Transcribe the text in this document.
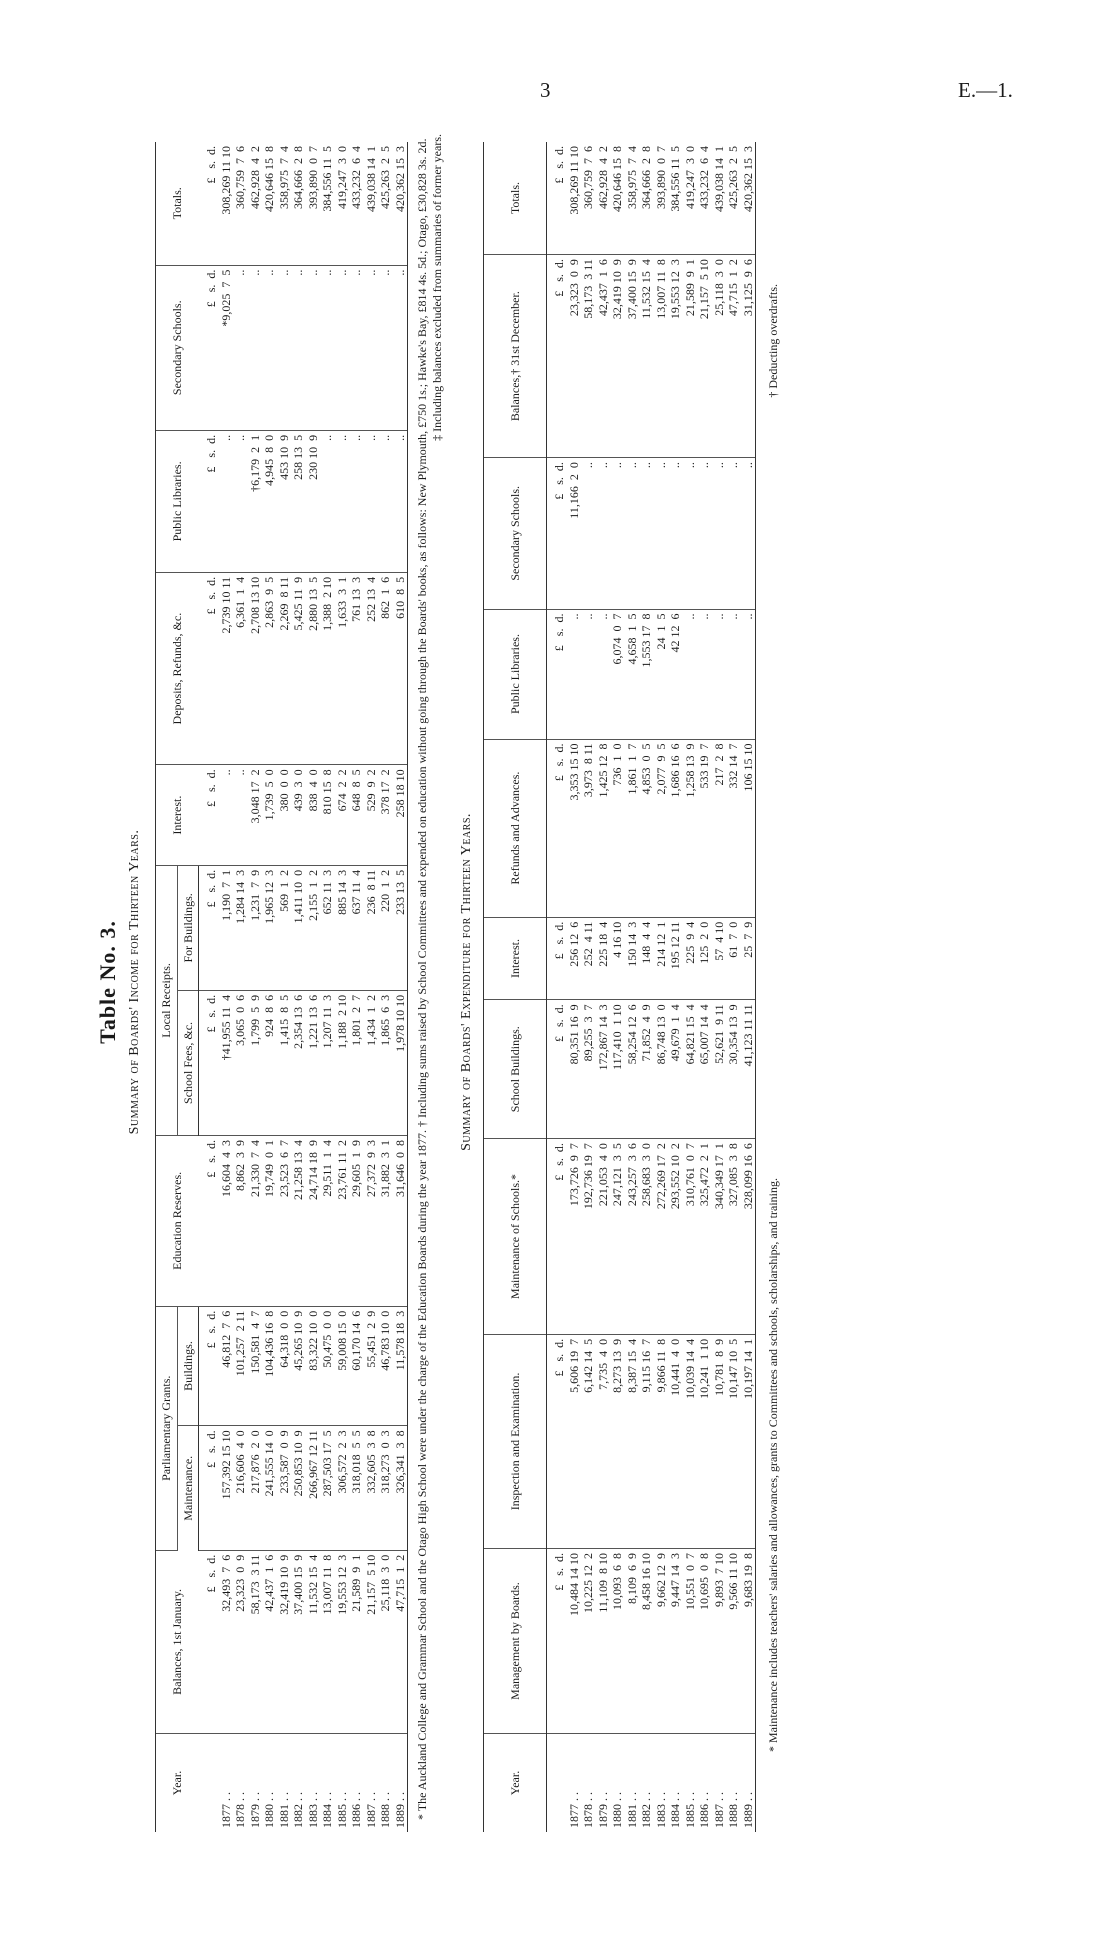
3	E.—1.
Table No. 3. Summary of Boards' Income for Thirteen Years.
Year.	Balances, 1st January.	Parliamentary Grants.		Education Reserves.	Local Receipts.		Interest.	Deposits, Refunds, &c.	Public Libraries.	Secondary Schools.	Totals.
		Maintenance.	Buildings.		School Fees, &c.	For Buildings.					
	£   s.  d.	£   s.  d.	£   s.  d.	£   s.  d.	£   s.  d.	£   s.  d.	£   s.  d.	£   s.  d.	£   s.  d.	£   s.  d.	£   s.  d.
1877 . .	32,493  7  6	157,392 15 10	46,812  7  6	16,604  4  3	†41,955 11  4	1,190  7  1	..	2,739 10 11	..	*9,025  7  5	308,269 11 10
1878 . .	23,323  0  9	216,606  4  0	101,257  2 11	8,862  3  9	3,065  0  6	1,284 14  3	..	6,361  1  4	..	..	360,759  7  6
1879 . .	58,173  3 11	217,876  2  0	150,581  4  7	21,330  7  4	1,799  5  9	1,231  7  9	3,048 17  2	2,708 13 10	†6,179  2  1	..	462,928  4  2
1880 . .	42,437  1  6	241,555 14  0	104,436 16  8	19,749  0  1	924  8  6	1,965 12  3	1,739  5  0	2,863  9  5	4,945  8  0	..	420,646 15  8
1881 . .	32,419 10  9	233,587  0  9	64,318  0  0	23,523  6  7	1,415  8  5	569  1  2	380  0  0	2,269  8 11	453 10  9	..	358,975  7  4
1882 . .	37,400 15  9	250,853 10  9	45,265 10  9	21,258 13  4	2,354 13  6	1,411 10  0	439  3  0	5,425 11  9	258 13  5	..	364,666  2  8
1883 . .	11,532 15  4	266,967 12 11	83,322 10  0	24,714 18  9	1,221 13  6	2,155  1  2	838  4  0	2,880 13  5	230 10  9	..	393,890  0  7
1884 . .	13,007 11  8	287,503 17  5	50,475  0  0	29,511  1  4	1,207 11  3	652 11  3	810 15  8	1,388  2 10	..	..	384,556 11  5
1885 . .	19,553 12  3	306,572  2  3	59,008 15  0	23,761 11  2	1,188  2 10	885 14  3	674  2  2	1,633  3  1	..	..	419,247  3  0
1886 . .	21,589  9  1	318,018  5  5	60,170 14  6	29,605  1  9	1,801  2  7	637 11  4	648  8  5	761 13  3	..	..	433,232  6  4
1887 . .	21,157  5 10	332,605  3  8	55,451  2  9	27,372  9  3	1,434  1  2	236  8 11	529  9  2	252 13  4	..	..	439,038 14  1
1888 . .	25,118  3  0	318,273  0  3	46,783 10  0	31,882  3  1	1,865  6  3	220  1  2	378 17  2	862  1  6	..	..	425,263  2  5
1889 . .	47,715  1  2	326,341  3  8	11,578 18  3	31,646  0  8	1,978 10 10	233 13  5	258 18 10	610  8  5	..	..	420,362 15  3 * The Auckland College and Grammar School and the Otago High School were under the charge of the Education Boards during the year 1877. † Including sums raised by School Committees and expended on education without going through the Boards' books, as follows: New Plymouth, £750 1s.; Hawke's Bay, £814 4s. 5d.; Otago, £30,828 3s. 2d. ‡ Including balances excluded from summaries of former years.
Summary of Boards' Expenditure for Thirteen Years.
Year.	Management by Boards.	Inspection and Examination.	Maintenance of Schools.*	School Buildings.	Interest.	Refunds and Advances.	Public Libraries.	Secondary Schools.	Balances,† 31st December.	Totals.
	£   s.  d.	£   s.  d.	£   s.  d.	£   s.  d.	£   s.  d.	£   s.  d.	£   s.  d.	£   s.  d.	£   s.  d.	£   s.  d.
1877 . .	10,484 14 10	5,606 19  7	173,726  9  7	80,351 16  9	256 12  6	3,353 15 10	..	11,166  2  0	23,323  0  9	308,269 11 10
1878 . .	10,225 12  2	6,142 14  5	192,736 19  7	89,255  3  7	252  4 11	3,973  8 11	..	..	58,173  3 11	360,759  7  6
1879 . .	11,109  8 10	7,735  4  0	221,053  4  0	172,867 14  3	225 18  4	1,425 12  8	..	..	42,437  1  6	462,928  4  2
1880 . .	10,093  6  8	8,273 13  9	247,121  3  5	117,410  1 10	4 16 10	736  1  0	6,074  0  7	..	32,419 10  9	420,646 15  8
1881 . .	8,109  6  9	8,387 15  4	243,257  3  6	58,254 12  6	150 14  3	1,861  1  7	4,658  1  5	..	37,400 15  9	358,975  7  4
1882 . .	8,458 16 10	9,115 16  7	258,683  3  0	71,852  4  9	148  4  4	4,853  0  5	1,553 17  8	..	11,532 15  4	364,666  2  8
1883 . .	9,662 12  9	9,866 11  8	272,269 17  2	86,748 13  0	214 12  1	2,077  9  5	24  1  5	..	13,007 11  8	393,890  0  7
1884 . .	9,447 14  3	10,441  4  0	293,552 10  2	49,679  1  4	195 12 11	1,686 16  6	42 12  6	..	19,553 12  3	384,556 11  5
1885 . .	10,551  0  7	10,039 14  4	310,761  0  7	64,821 15  4	225  9  4	1,258 13  9	..	..	21,589  9  1	419,247  3  0
1886 . .	10,695  0  8	10,241  1 10	325,472  2  1	65,007 14  4	125  2  0	533 19  7	..	..	21,157  5 10	433,232  6  4
1887 . .	9,893  7 10	10,781  8  9	340,349 17  1	52,621  9 11	57  4 10	217  2  8	..	..	25,118  3  0	439,038 14  1
1888 . .	9,566 11 10	10,147 10  5	327,085  3  8	30,354 13  9	61  7  0	332 14  7	..	..	47,715  1  2	425,263  2  5
1889 . .	9,683 19  8	10,197 14  1	328,099 16  6	41,123 11 11	25  7  9	106 15 10	..	..	31,125  9  6	420,362 15  3
* Maintenance includes teachers' salaries and allowances, grants to Committees and schools, scholarships, and training.
† Deducting overdrafts.
